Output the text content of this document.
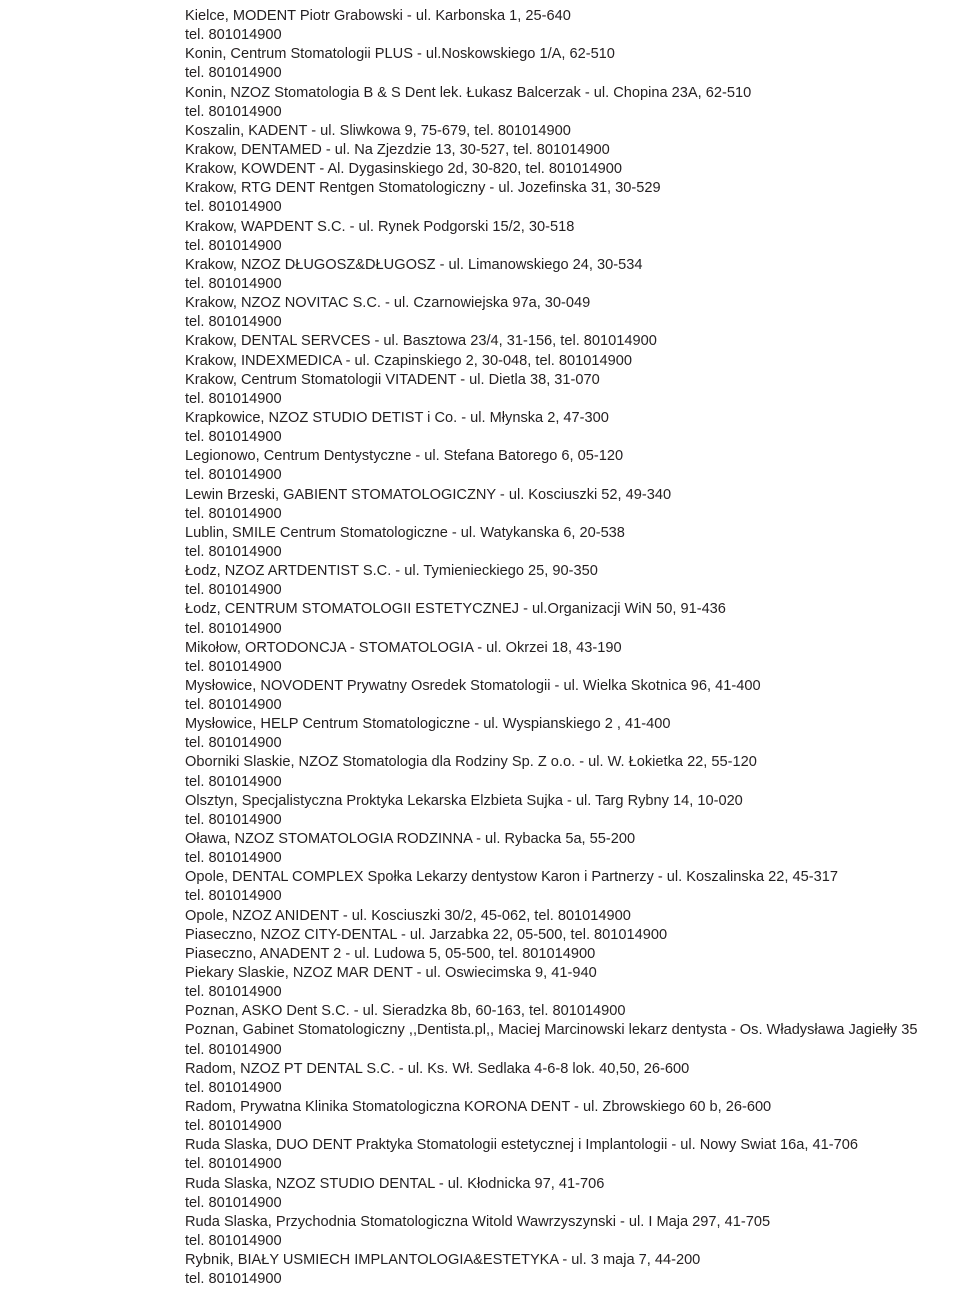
Kielce, MODENT Piotr Grabowski - ul. Karbonska 1, 25-640
tel. 801014900
Konin, Centrum Stomatologii PLUS - ul.Noskowskiego 1/A, 62-510
tel. 801014900
Konin, NZOZ Stomatologia B & S Dent lek. Łukasz Balcerzak - ul. Chopina 23A, 62-510
tel. 801014900
Koszalin, KADENT - ul. Sliwkowa 9, 75-679, tel. 801014900
Krakow, DENTAMED - ul. Na Zjezdzie 13, 30-527, tel. 801014900
Krakow, KOWDENT - Al. Dygasinskiego 2d, 30-820, tel. 801014900
Krakow, RTG DENT Rentgen Stomatologiczny - ul. Jozefinska 31, 30-529
tel. 801014900
Krakow, WAPDENT S.C. - ul. Rynek Podgorski 15/2, 30-518
tel. 801014900
Krakow, NZOZ DŁUGOSZ&DŁUGOSZ - ul. Limanowskiego 24, 30-534
tel. 801014900
Krakow, NZOZ NOVITAC S.C. - ul. Czarnowiejska 97a, 30-049
tel. 801014900
Krakow, DENTAL SERVCES - ul. Basztowa 23/4, 31-156, tel. 801014900
Krakow, INDEXMEDICA - ul. Czapinskiego 2, 30-048, tel. 801014900
Krakow, Centrum Stomatologii VITADENT - ul. Dietla 38, 31-070
tel. 801014900
Krapkowice, NZOZ STUDIO DETIST i Co. - ul. Młynska 2, 47-300
tel. 801014900
Legionowo, Centrum Dentystyczne - ul. Stefana Batorego 6, 05-120
tel. 801014900
Lewin Brzeski, GABIENT STOMATOLOGICZNY - ul. Kosciuszki 52, 49-340
tel. 801014900
Lublin, SMILE Centrum Stomatologiczne - ul. Watykanska 6, 20-538
tel. 801014900
Łodz, NZOZ ARTDENTIST S.C. - ul. Tymienieckiego 25, 90-350
tel. 801014900
Łodz, CENTRUM STOMATOLOGII ESTETYCZNEJ - ul.Organizacji WiN 50, 91-436
tel. 801014900
Mikołow, ORTODONCJA - STOMATOLOGIA - ul. Okrzei 18, 43-190
tel. 801014900
Mysłowice, NOVODENT Prywatny Osredek Stomatologii - ul. Wielka Skotnica 96, 41-400
tel. 801014900
Mysłowice, HELP Centrum Stomatologiczne - ul. Wyspianskiego 2 , 41-400
tel. 801014900
Oborniki Slaskie, NZOZ Stomatologia dla Rodziny Sp. Z o.o. - ul. W. Łokietka 22, 55-120
tel. 801014900
Olsztyn, Specjalistyczna Proktyka Lekarska Elzbieta Sujka - ul. Targ Rybny 14, 10-020
tel. 801014900
Oława, NZOZ STOMATOLOGIA RODZINNA - ul. Rybacka 5a, 55-200
tel. 801014900
Opole, DENTAL COMPLEX Społka Lekarzy dentystow Karon i Partnerzy - ul. Koszalinska 22, 45-317
tel. 801014900
Opole, NZOZ ANIDENT - ul. Kosciuszki 30/2, 45-062, tel. 801014900
Piaseczno, NZOZ CITY-DENTAL - ul. Jarzabka 22, 05-500, tel. 801014900
Piaseczno, ANADENT 2 - ul. Ludowa 5, 05-500, tel. 801014900
Piekary Slaskie, NZOZ MAR DENT - ul. Oswiecimska 9, 41-940
tel. 801014900
Poznan, ASKO Dent S.C. - ul. Sieradzka 8b, 60-163, tel. 801014900
Poznan, Gabinet Stomatologiczny ,,Dentista.pl,, Maciej Marcinowski lekarz dentysta - Os. Władysława Jagiełły 35
tel. 801014900
Radom, NZOZ PT DENTAL S.C. - ul. Ks. Wł. Sedlaka 4-6-8 lok. 40,50, 26-600
tel. 801014900
Radom, Prywatna Klinika Stomatologiczna KORONA DENT - ul. Zbrowskiego 60 b, 26-600
tel. 801014900
Ruda Slaska, DUO DENT Praktyka Stomatologii estetycznej i Implantologii - ul. Nowy Swiat 16a, 41-706
tel. 801014900
Ruda Slaska, NZOZ STUDIO DENTAL - ul. Kłodnicka 97, 41-706
tel. 801014900
Ruda Slaska, Przychodnia Stomatologiczna Witold Wawrzyszynski - ul. I Maja 297, 41-705
tel. 801014900
Rybnik, BIAŁY USMIECH IMPLANTOLOGIA&ESTETYKA - ul. 3 maja 7, 44-200
tel. 801014900
